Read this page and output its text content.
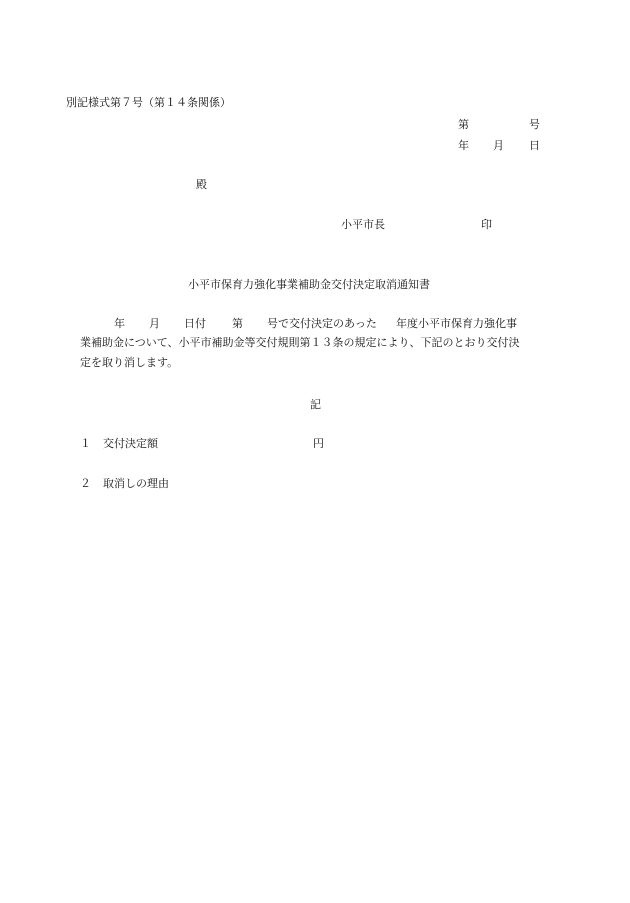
別記様式第７号（第１４条関係）
第	号
年 月 日
殿
小平市長	印
小平市保育力強化事業補助金交付決定取消通知書
年 月 日付 第 号で交付決定のあった 年度小平市保育力強化事
業補助金について、小平市補助金等交付規則第１３条の規定により、下記のとおり交付決
定を取り消します。
記
１ 交付決定額	円
２ 取消しの理由
